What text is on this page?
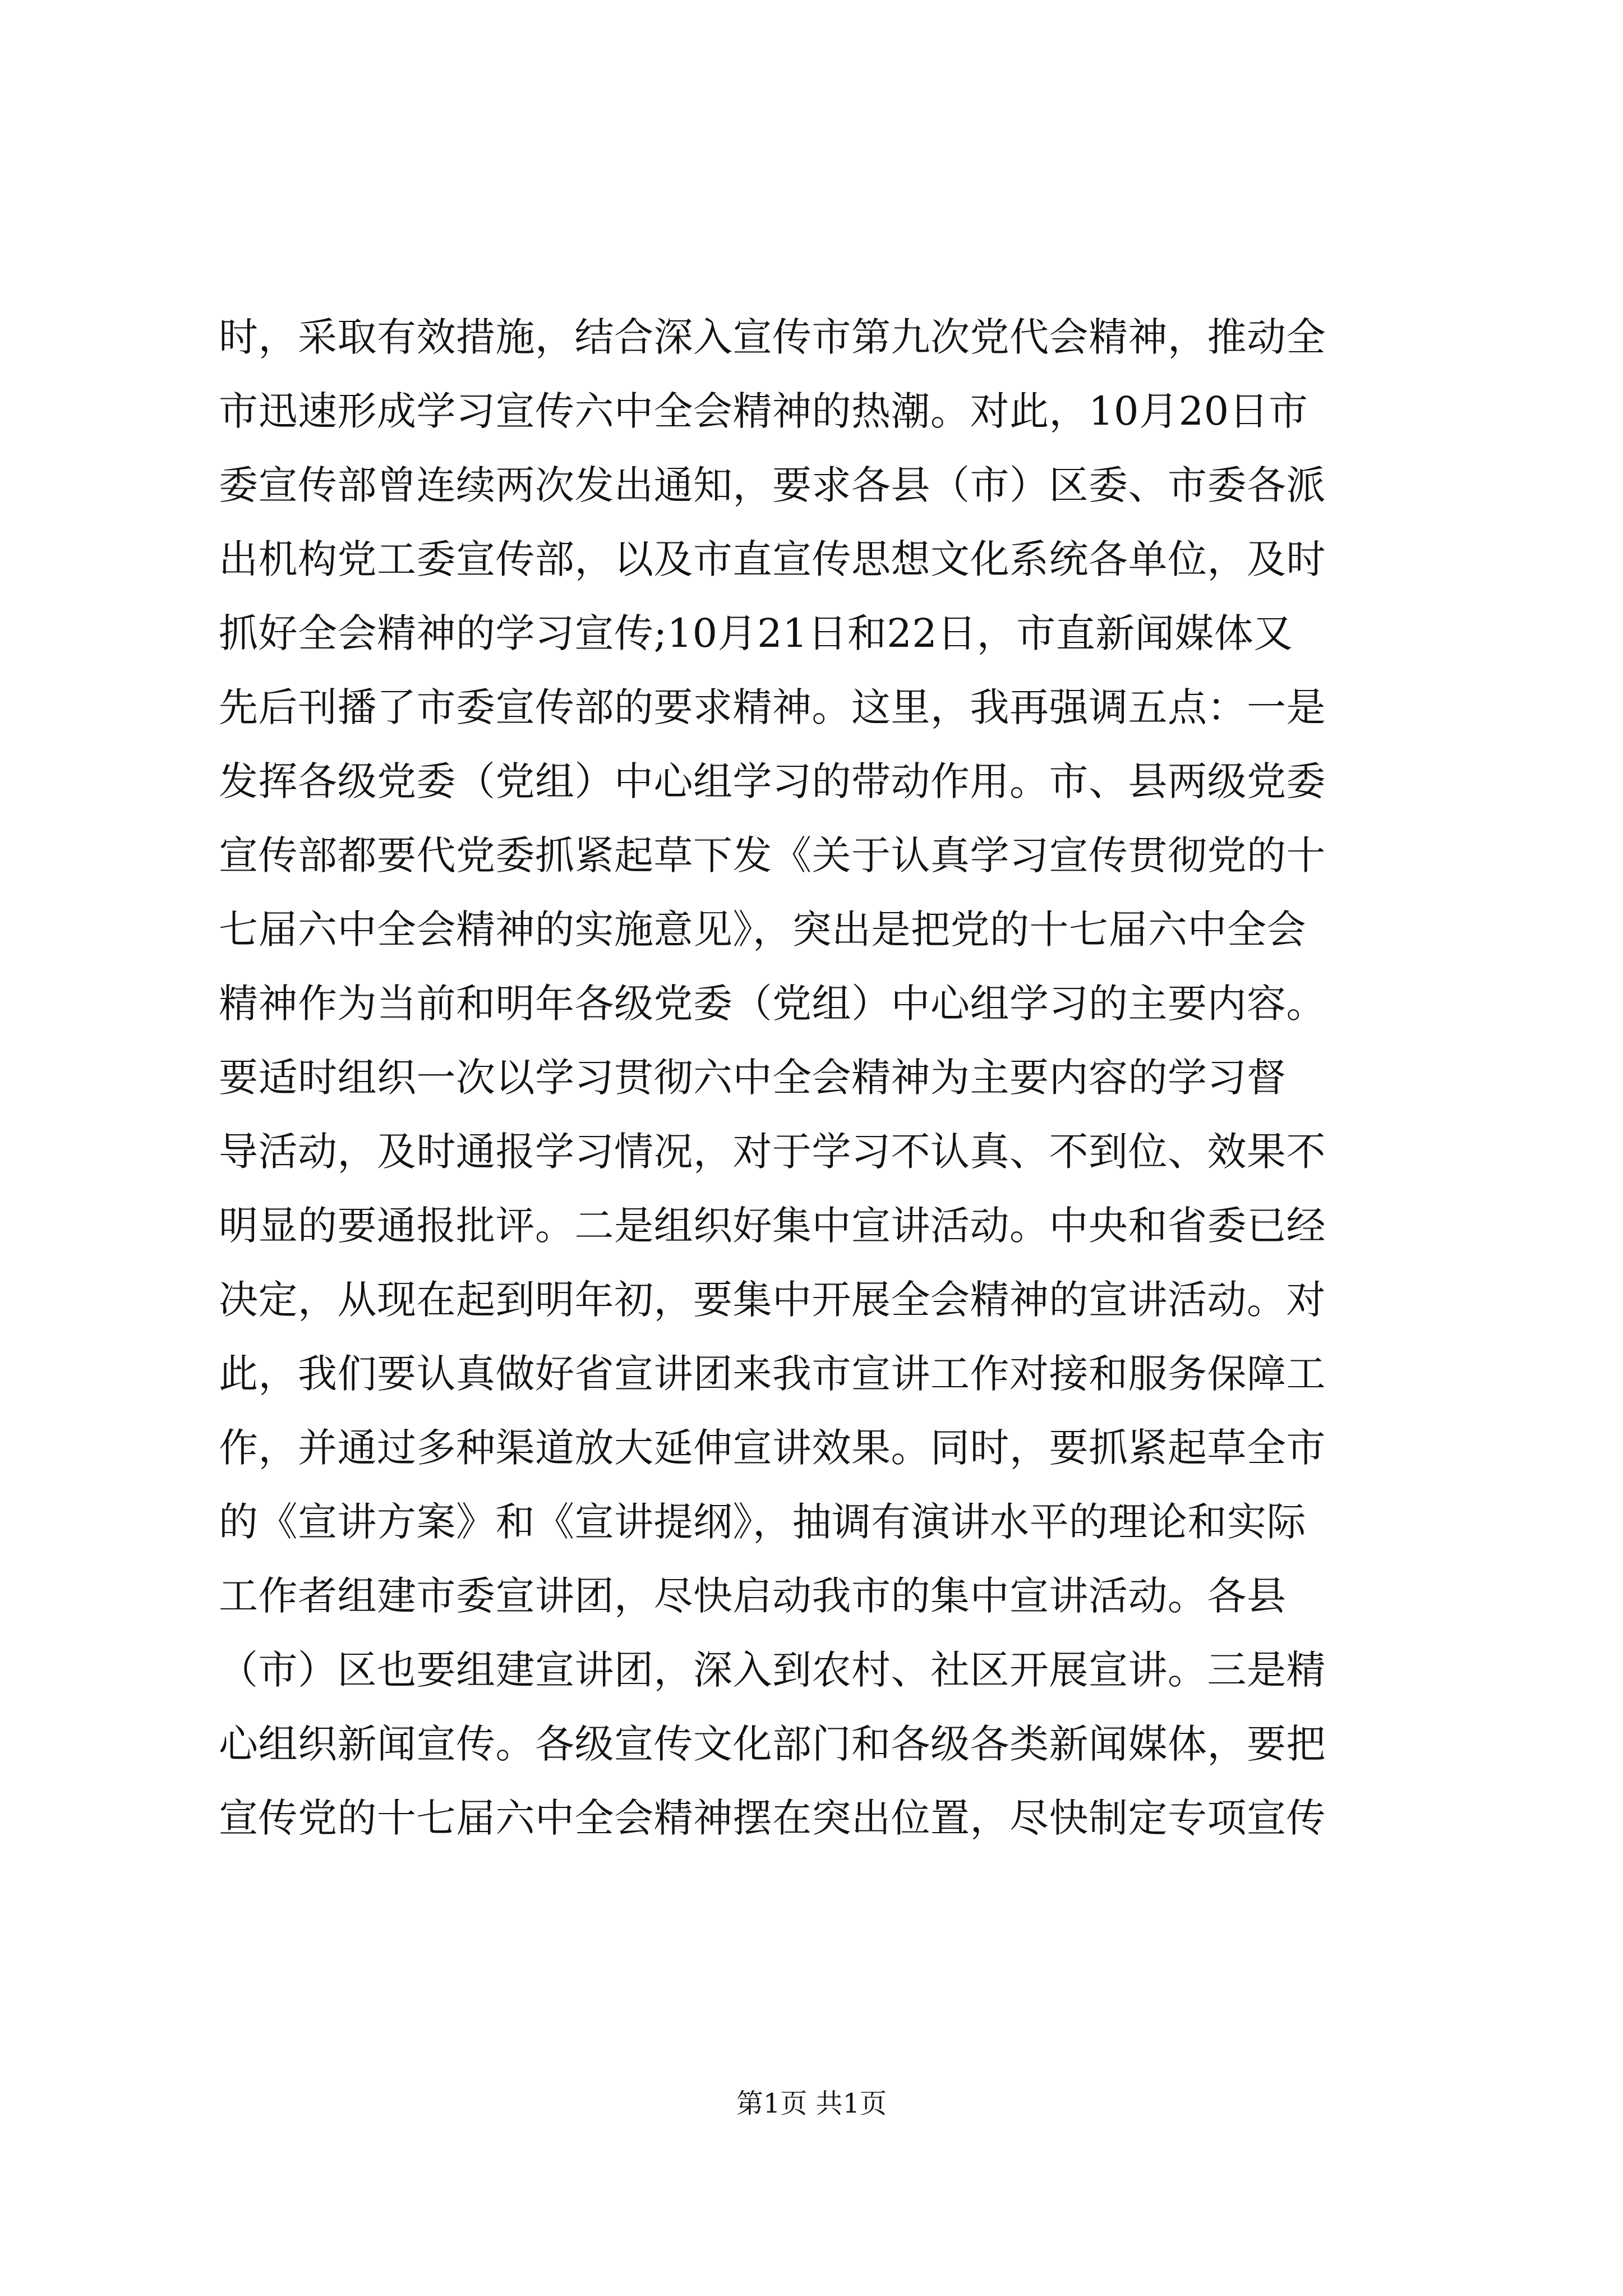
时，采取有效措施，结合深入宣传市第九次党代会精神，推动全
市迅速形成学习宣传六中全会精神的热潮。对此，10月20日市
委宣传部曾连续两次发出通知，要求各县（市）区委、市委各派
出机构党工委宣传部，以及市直宣传思想文化系统各单位，及时
抓好全会精神的学习宣传;10月21日和22日，市直新闻媒体又
先后刊播了市委宣传部的要求精神。这里，我再强调五点：一是
发挥各级党委（党组）中心组学习的带动作用。市、县两级党委
宣传部都要代党委抓紧起草下发《关于认真学习宣传贯彻党的十
七届六中全会精神的实施意见》，突出是把党的十七届六中全会
精神作为当前和明年各级党委（党组）中心组学习的主要内容。
要适时组织一次以学习贯彻六中全会精神为主要内容的学习督
导活动，及时通报学习情况，对于学习不认真、不到位、效果不
明显的要通报批评。二是组织好集中宣讲活动。中央和省委已经
决定，从现在起到明年初，要集中开展全会精神的宣讲活动。对
此，我们要认真做好省宣讲团来我市宣讲工作对接和服务保障工
作，并通过多种渠道放大延伸宣讲效果。同时，要抓紧起草全市
的《宣讲方案》和《宣讲提纲》，抽调有演讲水平的理论和实际
工作者组建市委宣讲团，尽快启动我市的集中宣讲活动。各县
（市）区也要组建宣讲团，深入到农村、社区开展宣讲。三是精
心组织新闻宣传。各级宣传文化部门和各级各类新闻媒体，要把
宣传党的十七届六中全会精神摆在突出位置，尽快制定专项宣传
第1页 共1页
